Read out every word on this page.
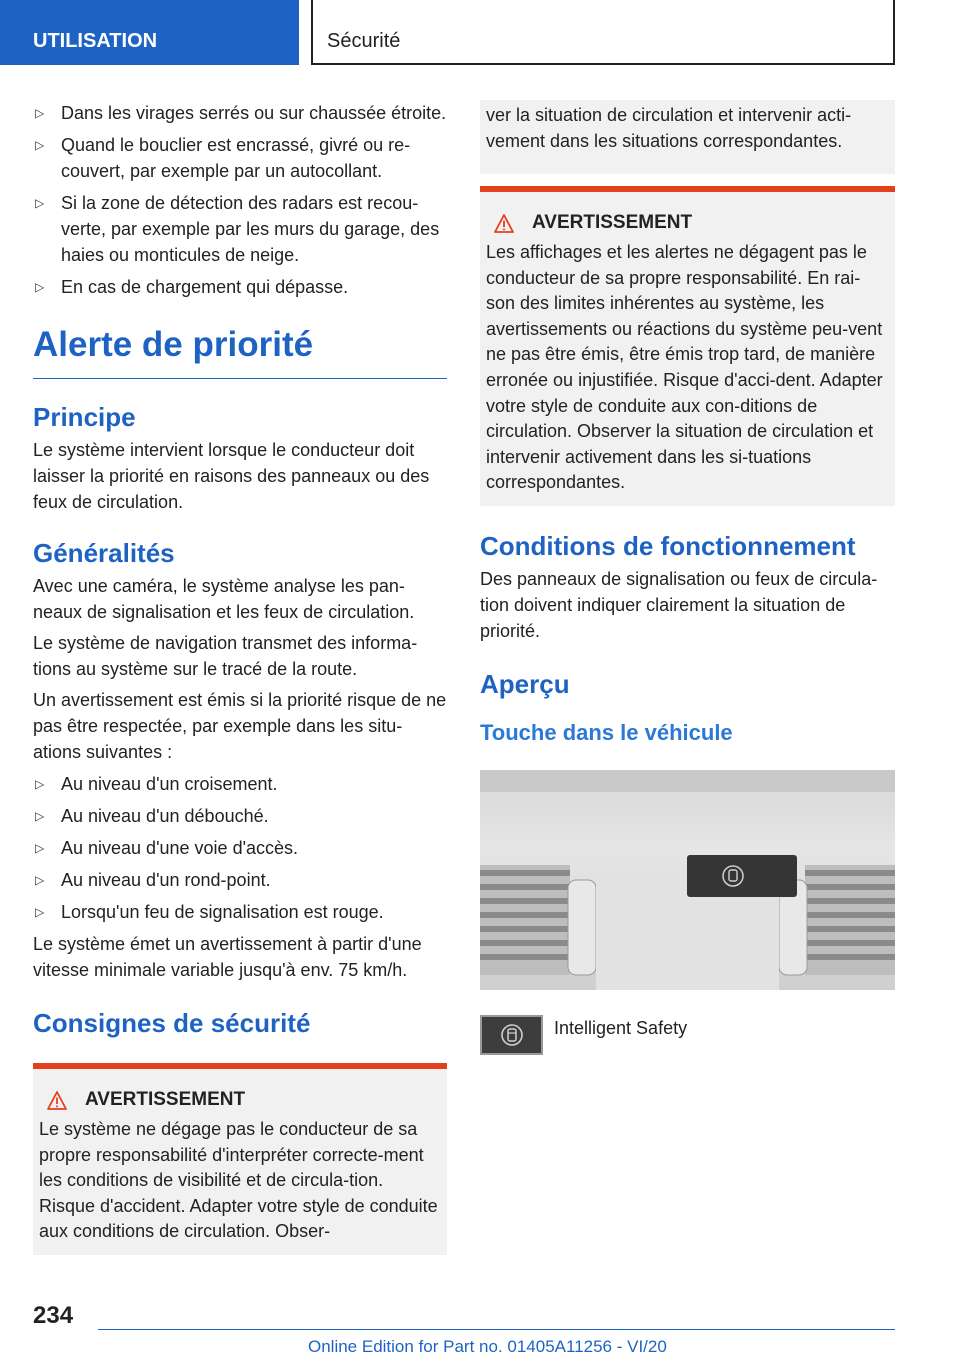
UTILISATION	Sécurité
▷ Dans les virages serrés ou sur chaussée étroite.
▷ Quand le bouclier est encrassé, givré ou re‐couvert, par exemple par un autocollant.
▷ Si la zone de détection des radars est recou‐verte, par exemple par les murs du garage, des haies ou monticules de neige.
▷ En cas de chargement qui dépasse.
Alerte de priorité
Principe

Le système intervient lorsque le conducteur doit laisser la priorité en raisons des panneaux ou des feux de circulation.

Généralités

Avec une caméra, le système analyse les pan‐neaux de signalisation et les feux de circulation.

Le système de navigation transmet des informa‐tions au système sur le tracé de la route.

Un avertissement est émis si la priorité risque de ne pas être respectée, par exemple dans les situ‐ations suivantes :

▷ Au niveau d'un croisement.
▷ Au niveau d'un débouché.
▷ Au niveau d'une voie d'accès.
▷ Au niveau d'un rond-point.
▷ Lorsqu'un feu de signalisation est rouge.

Le système émet un avertissement à partir d'une vitesse minimale variable jusqu'à env. 75 km/h.

Consignes de sécurité
AVERTISSEMENT

Le système ne dégage pas le conducteur de sa propre responsabilité d'interpréter correcte‐ment les conditions de visibilité et de circula‐tion. Risque d'accident. Adapter votre style de conduite aux conditions de circulation. Obser‐

ver la situation de circulation et intervenir acti‐vement dans les situations correspondantes.

AVERTISSEMENT

Les affichages et les alertes ne dégagent pas le conducteur de sa propre responsabilité. En rai‐son des limites inhérentes au système, les avertissements ou réactions du système peu‐vent ne pas être émis, être émis trop tard, de manière erronée ou injustifiée. Risque d'acci‐dent. Adapter votre style de conduite aux con‐ditions de circulation. Observer la situation de circulation et intervenir activement dans les si‐tuations correspondantes.

Conditions de fonctionnement

Des panneaux de signalisation ou feux de circula‐tion doivent indiquer clairement la situation de priorité.

Aperçu
Touche dans le véhicule

Intelligent Safety

234
Online Edition for Part no. 01405A11256 - VI/20
